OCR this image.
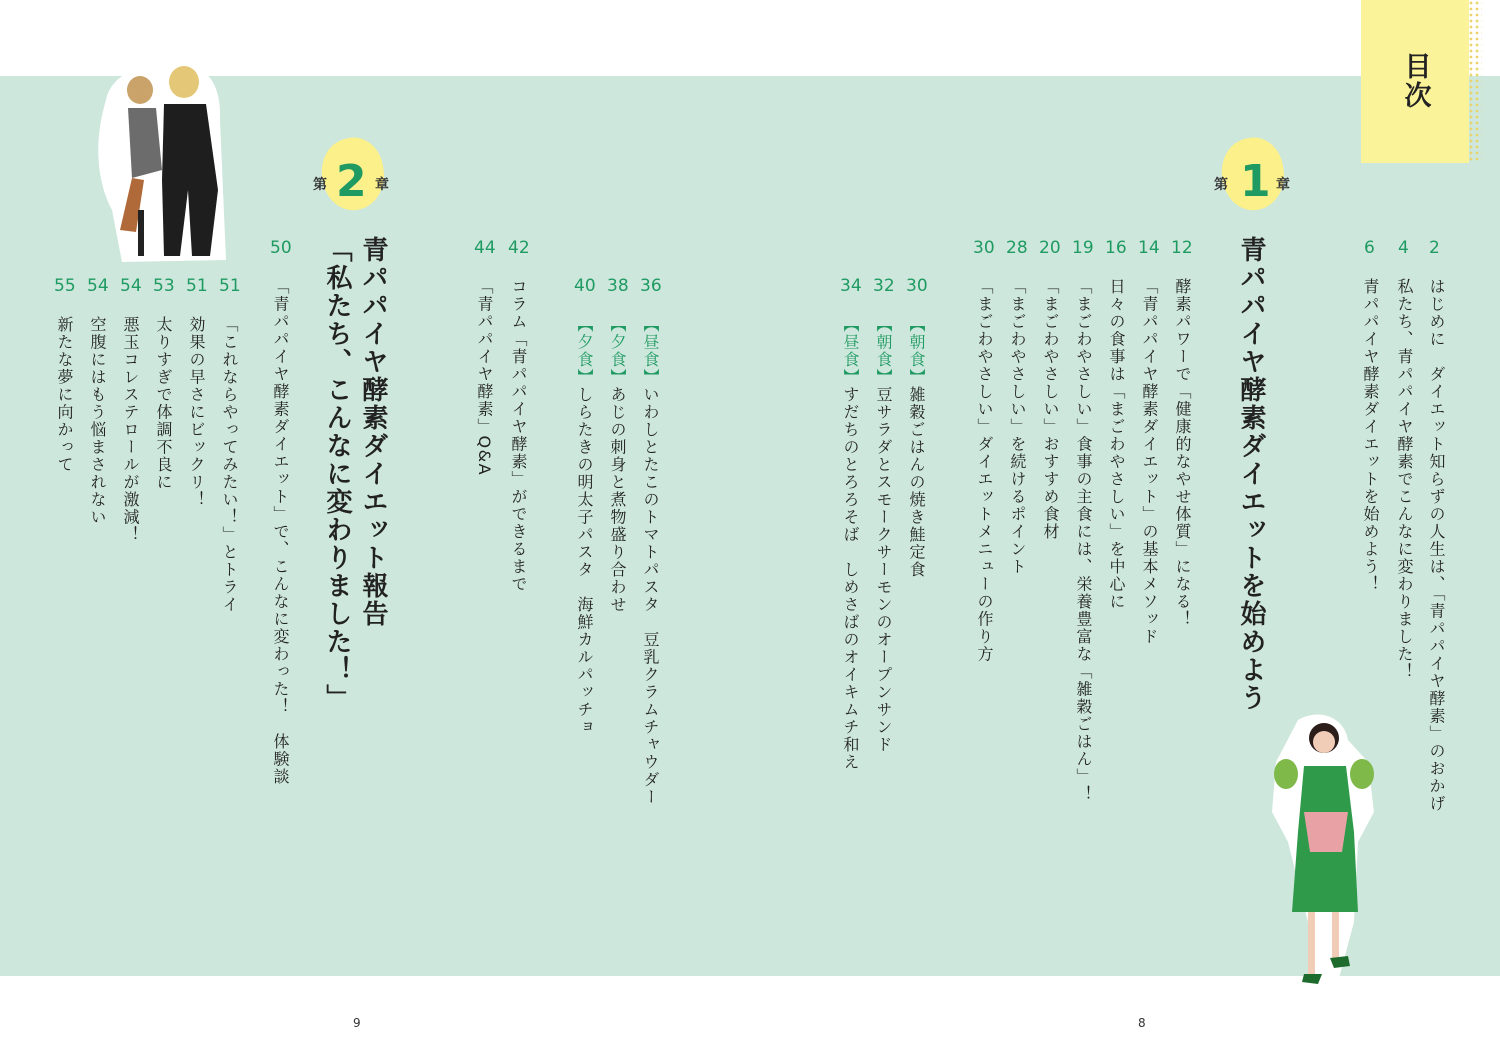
目次
第 1 章
6 4 2
はじめに　ダイエット知らずの人生は、「青パパイヤ酵素」のおかげ
私たち、青パパイヤ酵素でこんなに変わりました！
青パパイヤ酵素ダイエットを始めよう！
青パパイヤ酵素ダイエットを始めよう
30 28 20 19 16 14 12
酵素パワーで「健康的なやせ体質」になる！
「青パパイヤ酵素ダイエット」の基本メソッド
日々の食事は「まごわやさしい」を中心に
「まごわやさしい」食事の主食には、栄養豊富な「雑穀ごはん」！
「まごわやさしい」おすすめ食材
「まごわやさしい」を続けるポイント
「まごわやさしい」ダイエットメニューの作り方
34 32 30
【朝食】雑穀ごはんの焼き鮭定食
【朝食】豆サラダとスモークサーモンのオープンサンド
【昼食】すだちのとろろそば　しめさばのオイキムチ和え
40 38 36
【昼食】いわしとたこのトマトパスタ　豆乳クラムチャウダー
【夕食】あじの刺身と煮物盛り合わせ
【夕食】しらたきの明太子パスタ　海鮮カルパッチョ
44 42
コラム「青パパイヤ酵素」ができるまで
「青パパイヤ酵素」Q&A
第 2 章
青パパイヤ酵素ダイエット報告
「私たち、こんなに変わりました！」
50
「青パパイヤ酵素ダイエット」で、こんなに変わった！　体験談
55 54 54 53 51 51
「これならやってみたい！」とトライ
効果の早さにビックリ！
太りすぎで体調不良に
悪玉コレステロールが激減！
空腹にはもう悩まされない
新たな夢に向かって
9	8
